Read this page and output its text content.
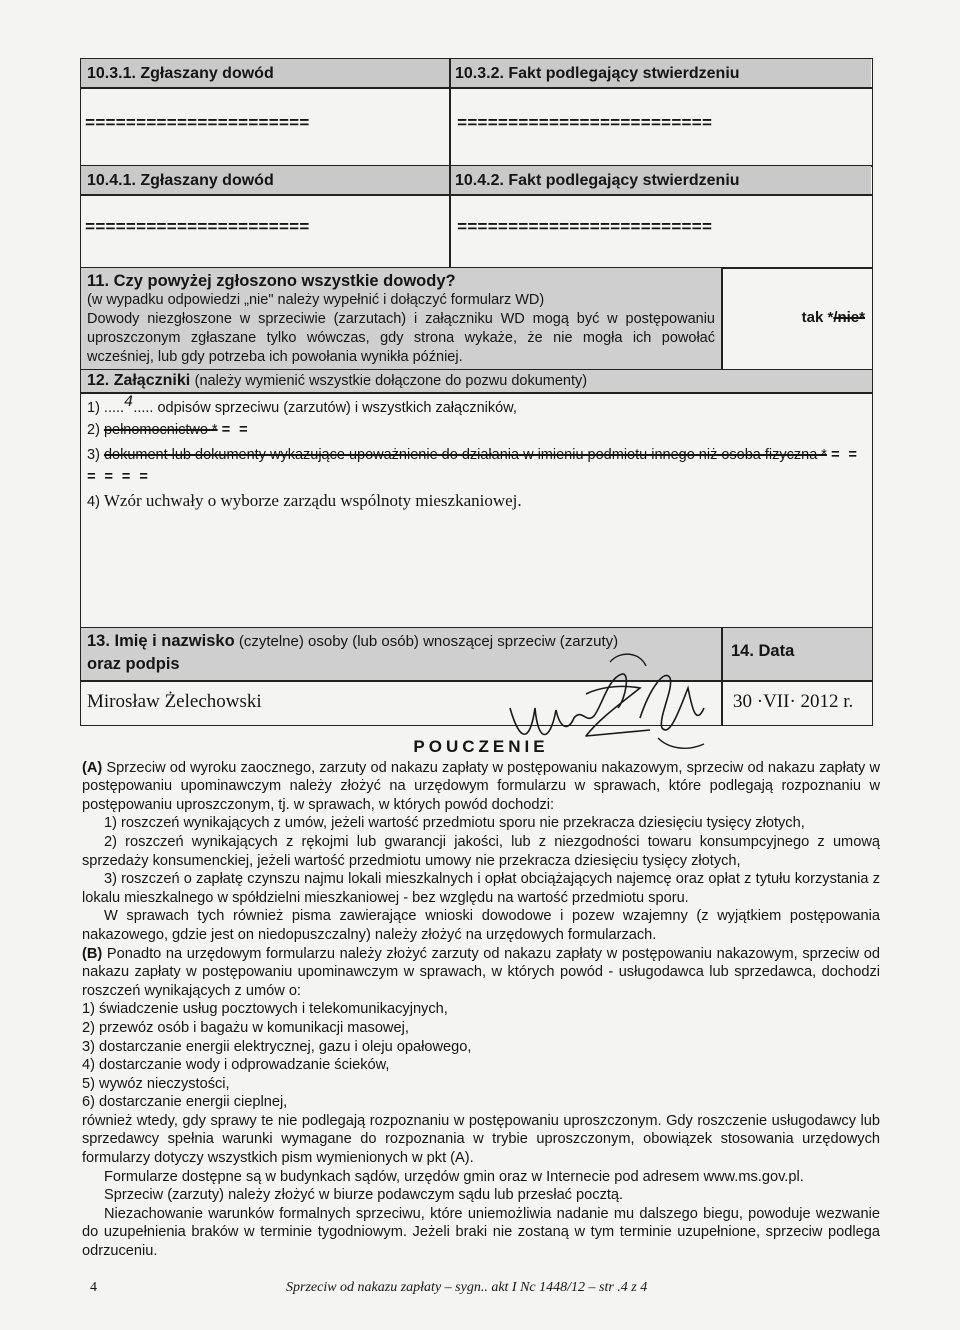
10.3.1. Zgłaszany dowód	10.3.2. Fakt podlegający stwierdzeniu
======================	=========================
10.4.1. Zgłaszany dowód	10.4.2. Fakt podlegający stwierdzeniu
======================	=========================
11. Czy powyżej zgłoszono wszystkie dowody?
(w wypadku odpowiedzi „nie" należy wypełnić i dołączyć formularz WD)
Dowody niezgłoszone w sprzeciwie (zarzutach) i załączniku WD mogą być w postępowaniu uproszczonym zgłaszane tylko wówczas, gdy strona wykaże, że nie mogła ich powołać wcześniej, lub gdy potrzeba ich powołania wynikła później.
tak */nie*
12. Załączniki (należy wymienić wszystkie dołączone do pozwu dokumenty)
1) .....4..... odpisów sprzeciwu (zarzutów) i wszystkich załączników,
2) pełnomocnictwo * = =
3) dokument lub dokumenty wykazujące upoważnienie do działania w imieniu podmiotu innego niż osoba fizyczna * = = = = = =
4) Wzór uchwały o wyborze zarządu wspólnoty mieszkaniowej.
13. Imię i nazwisko (czytelne) osoby (lub osób) wnoszącej sprzeciw (zarzuty)
oraz podpis
14. Data
Mirosław Żelechowski	30 ·VII· 2012 r.
POUCZENIE

(A) Sprzeciw od wyroku zaocznego, zarzuty od nakazu zapłaty w postępowaniu nakazowym, sprzeciw od nakazu zapłaty w postępowaniu upominawczym należy złożyć na urzędowym formularzu w sprawach, które podlegają rozpoznaniu w postępowaniu uproszczonym, tj. w sprawach, w których powód dochodzi:

1) roszczeń wynikających z umów, jeżeli wartość przedmiotu sporu nie przekracza dziesięciu tysięcy złotych,

2) roszczeń wynikających z rękojmi lub gwarancji jakości, lub z niezgodności towaru konsumpcyjnego z umową sprzedaży konsumenckiej, jeżeli wartość przedmiotu umowy nie przekracza dziesięciu tysięcy złotych,

3) roszczeń o zapłatę czynszu najmu lokali mieszkalnych i opłat obciążających najemcę oraz opłat z tytułu korzystania z lokalu mieszkalnego w spółdzielni mieszkaniowej - bez względu na wartość przedmiotu sporu.

W sprawach tych również pisma zawierające wnioski dowodowe i pozew wzajemny (z wyjątkiem postępowania nakazowego, gdzie jest on niedopuszczalny) należy złożyć na urzędowych formularzach.

(B) Ponadto na urzędowym formularzu należy złożyć zarzuty od nakazu zapłaty w postępowaniu nakazowym, sprzeciw od nakazu zapłaty w postępowaniu upominawczym w sprawach, w których powód - usługodawca lub sprzedawca, dochodzi roszczeń wynikających z umów o:

1) świadczenie usług pocztowych i telekomunikacyjnych,

2) przewóz osób i bagażu w komunikacji masowej,

3) dostarczanie energii elektrycznej, gazu i oleju opałowego,

4) dostarczanie wody i odprowadzanie ścieków,

5) wywóz nieczystości,

6) dostarczanie energii cieplnej,

również wtedy, gdy sprawy te nie podlegają rozpoznaniu w postępowaniu uproszczonym. Gdy roszczenie usługodawcy lub sprzedawcy spełnia warunki wymagane do rozpoznania w trybie uproszczonym, obowiązek stosowania urzędowych formularzy dotyczy wszystkich pism wymienionych w pkt (A).

Formularze dostępne są w budynkach sądów, urzędów gmin oraz w Internecie pod adresem www.ms.gov.pl.

Sprzeciw (zarzuty) należy złożyć w biurze podawczym sądu lub przesłać pocztą.

Niezachowanie warunków formalnych sprzeciwu, które uniemożliwia nadanie mu dalszego biegu, powoduje wezwanie do uzupełnienia braków w terminie tygodniowym. Jeżeli braki nie zostaną w tym terminie uzupełnione, sprzeciw podlega odrzuceniu.

4	Sprzeciw od nakazu zapłaty – sygn.. akt I Nc 1448/12 – str .4 z 4
